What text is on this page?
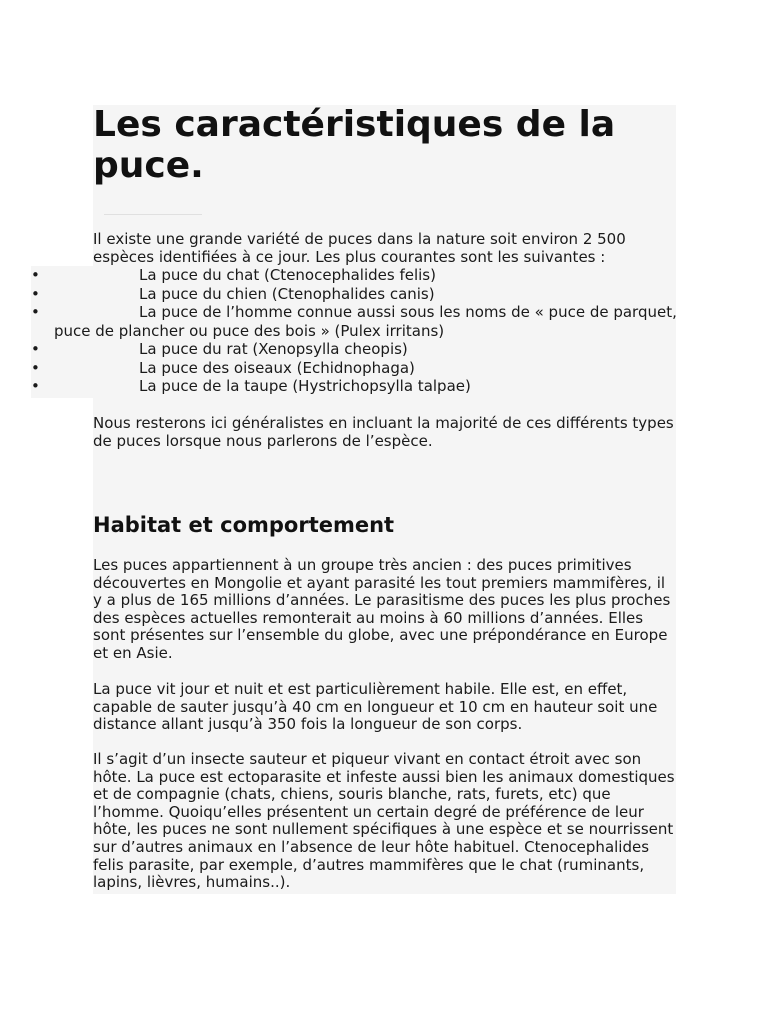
Les caractéristiques de la puce.

Il existe une grande variété de puces dans la nature soit environ 2 500 espèces identifiées à ce jour. Les plus courantes sont les suivantes :

•	La puce du chat (Ctenocephalides felis)
•	La puce du chien (Ctenophalides canis)
•	La puce de l’homme connue aussi sous les noms de « puce de parquet, puce de plancher ou puce des bois » (Pulex irritans)
•	La puce du rat (Xenopsylla cheopis)
•	La puce des oiseaux (Echidnophaga)
•	La puce de la taupe (Hystrichopsylla talpae)

Nous resterons ici généralistes en incluant la majorité de ces différents types de puces lorsque nous parlerons de l’espèce.

Habitat et comportement

Les puces appartiennent à un groupe très ancien : des puces primitives découvertes en Mongolie et ayant parasité les tout premiers mammifères, il y a plus de 165 millions d’années. Le parasitisme des puces les plus proches des espèces actuelles remonterait au moins à 60 millions d’années. Elles sont présentes sur l’ensemble du globe, avec une prépondérance en Europe et en Asie.

La puce vit jour et nuit et est particulièrement habile. Elle est, en effet, capable de sauter jusqu’à 40 cm en longueur et 10 cm en hauteur soit une distance allant jusqu’à 350 fois la longueur de son corps.

Il s’agit d’un insecte sauteur et piqueur vivant en contact étroit avec son hôte. La puce est ectoparasite et infeste aussi bien les animaux domestiques et de compagnie (chats, chiens, souris blanche, rats, furets, etc) que l’homme. Quoiqu’elles présentent un certain degré de préférence de leur hôte, les puces ne sont nullement spécifiques à une espèce et se nourrissent sur d’autres animaux en l’absence de leur hôte habituel. Ctenocephalides felis parasite, par exemple, d’autres mammifères que le chat (ruminants, lapins, lièvres, humains..).
